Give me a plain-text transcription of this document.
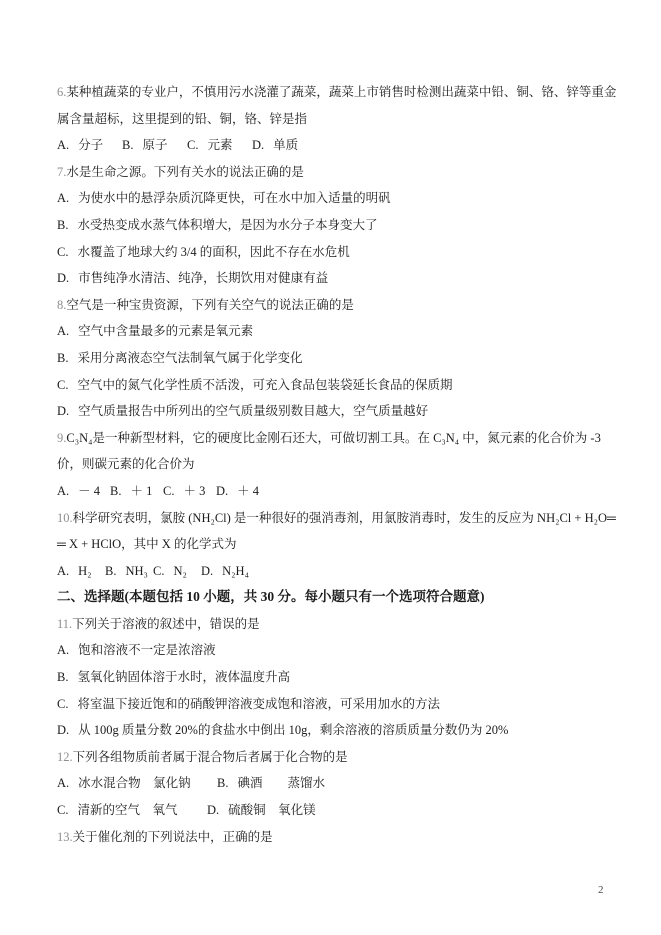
6.某种植蔬菜的专业户，不慎用污水浇灌了蔬菜，蔬菜上市销售时检测出蔬菜中铅、铜、铬、锌等重金属含量超标，这里提到的铅、铜，铬、锌是指

A. 分子	B. 原子	C. 元素	D. 单质

7.水是生命之源。下列有关水的说法正确的是

A. 为使水中的悬浮杂质沉降更快，可在水中加入适量的明矾

B. 水受热变成水蒸气体积增大，是因为水分子本身变大了

C. 水覆盖了地球大约 3/4 的面积，因此不存在水危机

D. 市售纯净水清洁、纯净，长期饮用对健康有益

8.空气是一种宝贵资源，下列有关空气的说法正确的是

A. 空气中含量最多的元素是氧元素

B. 采用分离液态空气法制氧气属于化学变化

C. 空气中的氮气化学性质不活泼，可充入食品包装袋延长食品的保质期

D. 空气质量报告中所列出的空气质量级别数目越大，空气质量越好

9.C₃N₄是一种新型材料，它的硬度比金刚石还大，可做切割工具。在 C₃N₄ 中，氮元素的化合价为 -3 价，则碳元素的化合价为

A. － 4 B. ＋ 1 C. ＋ 3 D. ＋ 4

10.科学研究表明，氯胺 (NH₂Cl) 是一种很好的强消毒剂，用氯胺消毒时，发生的反应为 NH₂Cl + H₂O══ X + HClO，其中 X 的化学式为

A. H₂	B. NH₃ C. N₂	D. N₂H₄

二、选择题(本题包括 10 小题，共 30 分。每小题只有一个选项符合题意)

11.下列关于溶液的叙述中，错误的是

A. 饱和溶液不一定是浓溶液

B. 氢氧化钠固体溶于水时，液体温度升高

C. 将室温下接近饱和的硝酸钾溶液变成饱和溶液，可采用加水的方法

D. 从 100g 质量分数 20%的食盐水中倒出 10g，剩余溶液的溶质质量分数仍为 20%

12.下列各组物质前者属于混合物后者属于化合物的是

A. 冰水混合物　氯化钠	B. 碘酒　　蒸馏水

C. 清新的空气　氧气	D. 硫酸铜　氧化镁

13.关于催化剂的下列说法中，正确的是

2
